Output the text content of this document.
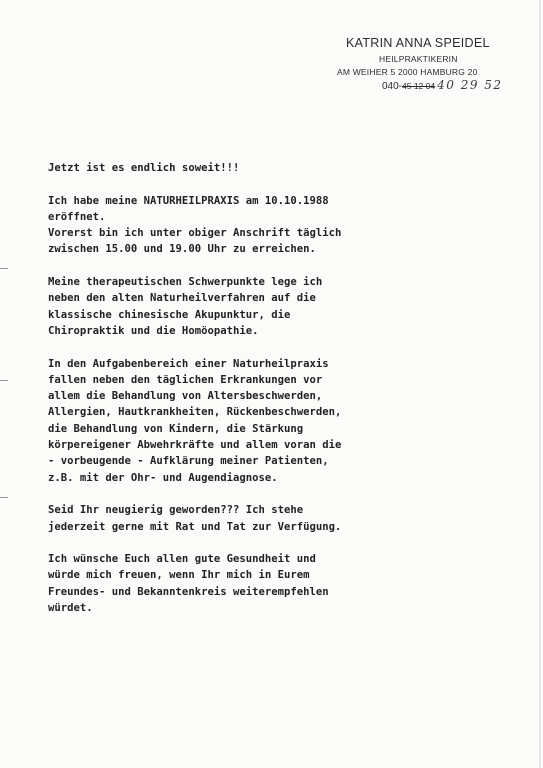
KATRIN ANNA SPEIDEL
HEILPRAKTIKERIN
AM WEIHER 5 2000 HAMBURG 20
040-45 12 04 40 29 52
Jetzt ist es endlich soweit!!!
Ich habe meine NATURHEILPRAXIS am 10.10.1988
eröffnet.
Vorerst bin ich unter obiger Anschrift täglich
zwischen 15.00 und 19.00 Uhr zu erreichen.
Meine therapeutischen Schwerpunkte lege ich
neben den alten Naturheilverfahren auf die
klassische chinesische Akupunktur, die
Chiropraktik und die Homöopathie.
In den Aufgabenbereich einer Naturheilpraxis
fallen neben den täglichen Erkrankungen vor
allem die Behandlung von Altersbeschwerden,
Allergien, Hautkrankheiten, Rückenbeschwerden,
die Behandlung von Kindern, die Stärkung
körpereigener Abwehrkräfte und allem voran die
- vorbeugende - Aufklärung meiner Patienten,
z.B. mit der Ohr- und Augendiagnose.
Seid Ihr neugierig geworden??? Ich stehe
jederzeit gerne mit Rat und Tat zur Verfügung.
Ich wünsche Euch allen gute Gesundheit und
würde mich freuen, wenn Ihr mich in Eurem
Freundes- und Bekanntenkreis weiterempfehlen
würdet.
